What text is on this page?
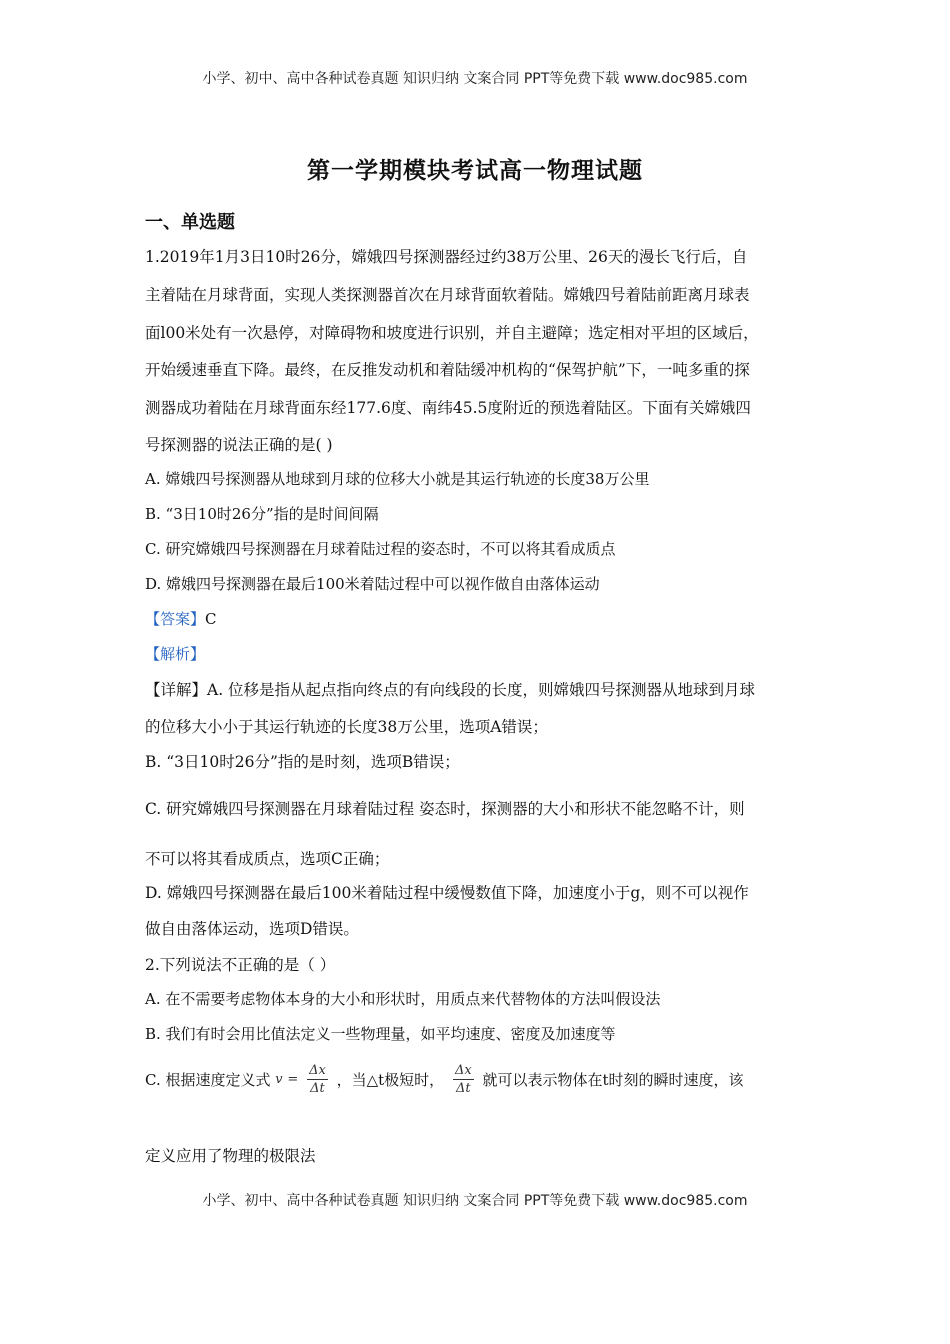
小学、初中、高中各种试卷真题 知识归纳 文案合同 PPT等免费下载 www.doc985.com
第一学期模块考试高一物理试题
一、单选题
1.2019年1月3日10时26分，嫦娥四号探测器经过约38万公里、26天的漫长飞行后，自
主着陆在月球背面，实现人类探测器首次在月球背面软着陆。嫦娥四号着陆前距离月球表
面l00米处有一次悬停，对障碍物和坡度进行识别，并自主避障；选定相对平坦的区域后，
开始缓速垂直下降。最终，在反推发动机和着陆缓冲机构的“保驾护航”下，一吨多重的探
测器成功着陆在月球背面东经177.6度、南纬45.5度附近的预选着陆区。下面有关嫦娥四
号探测器的说法正确的是( )
A. 嫦娥四号探测器从地球到月球的位移大小就是其运行轨迹的长度38万公里
B. “3日10时26分”指的是时间间隔
C. 研究嫦娥四号探测器在月球着陆过程的姿态时，不可以将其看成质点
D. 嫦娥四号探测器在最后100米着陆过程中可以视作做自由落体运动
【答案】C
【解析】
【详解】A. 位移是指从起点指向终点的有向线段的长度，则嫦娥四号探测器从地球到月球
的位移大小小于其运行轨迹的长度38万公里，选项A错误；
B. “3日10时26分”指的是时刻，选项B错误；
C. 研究嫦娥四号探测器在月球着陆过程 姿态时，探测器的大小和形状不能忽略不计，则
不可以将其看成质点，选项C正确；
D. 嫦娥四号探测器在最后100米着陆过程中缓慢数值下降，加速度小于g，则不可以视作
做自由落体运动，选项D错误。
2.下列说法不正确的是（ ）
A. 在不需要考虑物体本身的大小和形状时，用质点来代替物体的方法叫假设法
B. 我们有时会用比值法定义一些物理量，如平均速度、密度及加速度等
C. 根据速度定义式 $v = \frac{\Delta x}{\Delta t}$ ，当△t极短时， $\frac{\Delta x}{\Delta t}$ 就可以表示物体在t时刻的瞬时速度，该
定义应用了物理的极限法
小学、初中、高中各种试卷真题 知识归纳 文案合同 PPT等免费下载 www.doc985.com
